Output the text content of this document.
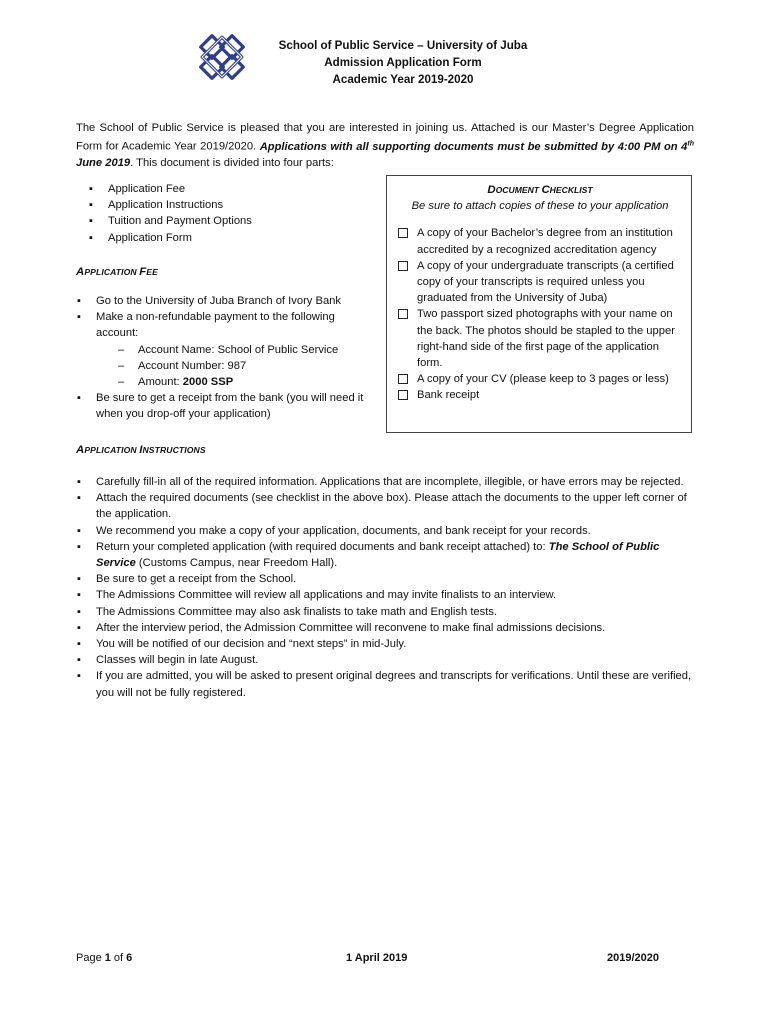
School of Public Service – University of Juba
Admission Application Form
Academic Year 2019-2020
The School of Public Service is pleased that you are interested in joining us. Attached is our Master’s Degree Application Form for Academic Year 2019/2020. Applications with all supporting documents must be submitted by 4:00 PM on 4th June 2019. This document is divided into four parts:
▪ Application Fee
▪ Application Instructions
▪ Tuition and Payment Options
▪ Application Form
APPLICATION FEE
▪ Go to the University of Juba Branch of Ivory Bank
▪ Make a non-refundable payment to the following account:
– Account Name: School of Public Service
– Account Number: 987
– Amount: 2000 SSP
▪ Be sure to get a receipt from the bank (you will need it when you drop-off your application)
DOCUMENT CHECKLIST
Be sure to attach copies of these to your application
A copy of your Bachelor’s degree from an institution accredited by a recognized accreditation agency
A copy of your undergraduate transcripts (a certified copy of your transcripts is required unless you graduated from the University of Juba)
Two passport sized photographs with your name on the back. The photos should be stapled to the upper right-hand side of the first page of the application form.
A copy of your CV (please keep to 3 pages or less)
Bank receipt
APPLICATION INSTRUCTIONS
▪ Carefully fill-in all of the required information. Applications that are incomplete, illegible, or have errors may be rejected.
▪ Attach the required documents (see checklist in the above box). Please attach the documents to the upper left corner of the application.
▪ We recommend you make a copy of your application, documents, and bank receipt for your records.
▪ Return your completed application (with required documents and bank receipt attached) to: The School of Public Service (Customs Campus, near Freedom Hall).
▪ Be sure to get a receipt from the School.
▪ The Admissions Committee will review all applications and may invite finalists to an interview.
▪ The Admissions Committee may also ask finalists to take math and English tests.
▪ After the interview period, the Admission Committee will reconvene to make final admissions decisions.
▪ You will be notified of our decision and “next steps” in mid-July.
▪ Classes will begin in late August.
▪ If you are admitted, you will be asked to present original degrees and transcripts for verifications. Until these are verified, you will not be fully registered.
Page 1 of 6	1 April 2019	2019/2020
